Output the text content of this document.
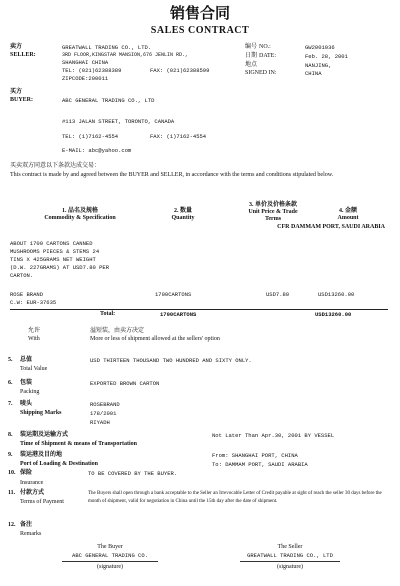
销售合同
SALES CONTRACT
卖方
SELLER:
GREATWALL TRADING CO., LTD.
3RD FLOOR,KINGSTAR MANSION,676 JENLIN RD.,
SHANGHAI CHINA
TEL: (021)62388389	FAX: (021)62388599
ZIPCODE:200011
编号 NO.:	GW2001036
日期 DATE:	Feb. 28, 2001
地点
SIGNED IN:
NANJING,
CHINA
买方
BUYER:	ABC GENERAL TRADING CO., LTD
#113 JALAN STREET, TORONTO, CANADA
TEL: (1)7162-4554	FAX: (1)7162-4554
E-MAIL: abc@yahoo.com
买卖双方同意以下条款达成交易：
This contract is made by and agreed between the BUYER and SELLER, in accordance with the terms and conditions stipulated below.
1. 品名及规格
Commodity & Specification
2. 数量
Quantity
3. 单价及价格条款
Unit Price & Trade
Terms
4. 金额
Amount
CFR DAMMAM PORT, SAUDI ARABIA
ABOUT 1700 CARTONS CANNED
MUSHROOMS PIECES & STEMS 24
TINS X 425GRAMS NET WEIGHT
(D.W. 227GRAMS) AT USD7.80 PER
CARTON.
ROSE BRAND
C.W: EUR-37635
1700CARTONS	USD7.80	USD13260.00
Total:	1700CARTONS	USD13260.00
允许
With
溢短装，由卖方决定
More or less of shipment allowed at the sellers' option
5. 总值
Total Value
USD THIRTEEN THOUSAND TWO HUNDRED AND SIXTY ONLY.
6. 包装
Packing
EXPORTED BROWN CARTON
7. 唛头
Shipping Marks
ROSEBRAND
178/2001
RIYADH
8. 装运期及运输方式
Time of Shipment & means of Transportation
Not Later Than Apr.30, 2001 BY VESSEL
9. 装运港及目的地
Port of Loading & Destination
From: SHANGHAI PORT, CHINA
To: DAMMAM PORT, SAUDI ARABIA
10. 保险
Insurance
TO BE COVERED BY THE BUYER.
11. 付款方式
Terms of Payment
The Buyers shall open through a bank acceptable to the Seller an Irrevocable Letter of Credit payable at sight of reach the seller 30 days before the month of shipment, valid for negotiation in China until the 15th day after the date of shipment.
12. 备注
Remarks
The Buyer
ABC GENERAL TRADING CO.
(signature)
The Seller
GREATWALL TRADING CO., LTD
(signature)
